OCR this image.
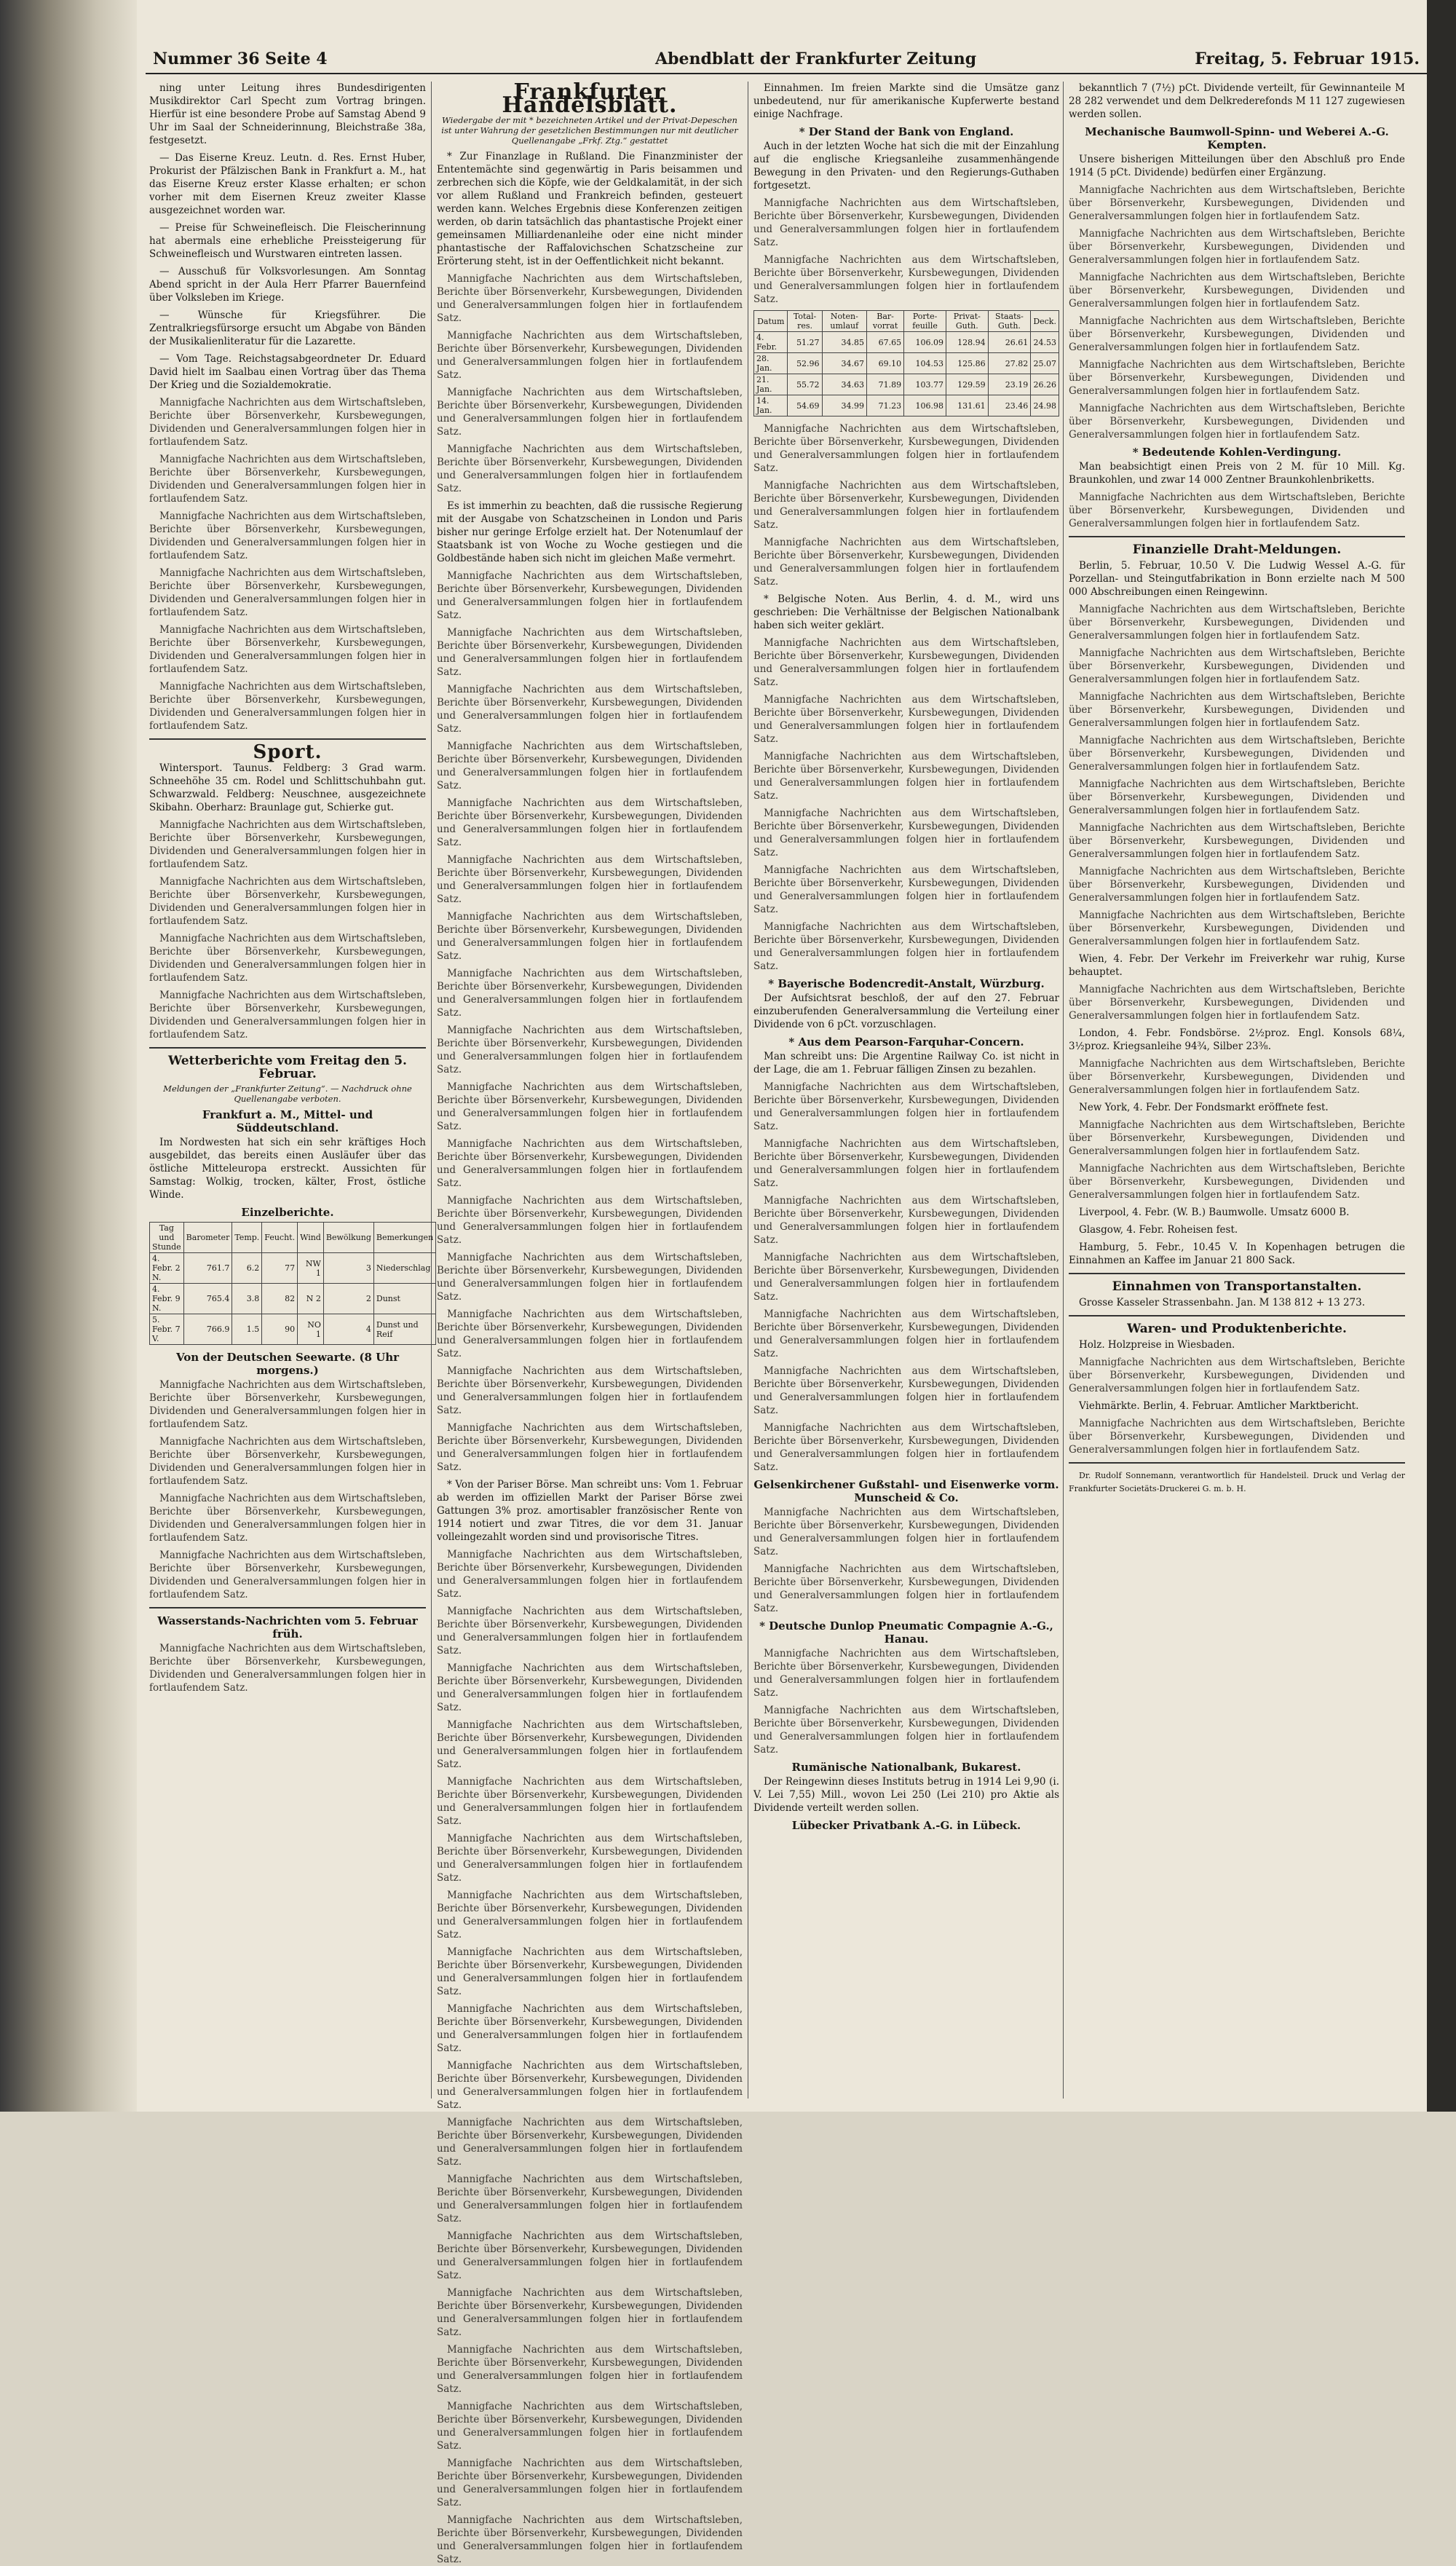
Nummer 36 Seite 4	Abendblatt der Frankfurter Zeitung	Freitag, 5. Februar 1915.

ning unter Leitung ihres Bundesdirigenten Musikdirektor Carl Specht zum Vortrag bringen. Hierfür ist eine besondere Probe auf Samstag Abend 9 Uhr im Saal der Schneiderinnung, Bleichstraße 38a, festgesetzt.

— Das Eiserne Kreuz. Leutn. d. Res. Ernst Huber, Prokurist der Pfälzischen Bank in Frankfurt a. M., hat das Eiserne Kreuz erster Klasse erhalten; er schon vorher mit dem Eisernen Kreuz zweiter Klasse ausgezeichnet worden war.

— Preise für Schweinefleisch. Die Fleischerinnung hat abermals eine erhebliche Preissteigerung für Schweinefleisch und Wurstwaren eintreten lassen.

— Ausschuß für Volksvorlesungen. Am Sonntag Abend spricht in der Aula Herr Pfarrer Bauernfeind über Volksleben im Kriege.

— Wünsche für Kriegsführer. Die Zentralkriegsfürsorge ersucht um Abgabe von Bänden der Musikalienliteratur für die Lazarette.

— Vom Tage. Reichstagsabgeordneter Dr. Eduard David hielt im Saalbau einen Vortrag über das Thema Der Krieg und die Sozialdemokratie.

Mannigfache Nachrichten aus dem Wirtschaftsleben, Berichte über Börsenverkehr, Kursbewegungen, Dividenden und Generalversammlungen folgen hier in fortlaufendem Satz.

Mannigfache Nachrichten aus dem Wirtschaftsleben, Berichte über Börsenverkehr, Kursbewegungen, Dividenden und Generalversammlungen folgen hier in fortlaufendem Satz.

Mannigfache Nachrichten aus dem Wirtschaftsleben, Berichte über Börsenverkehr, Kursbewegungen, Dividenden und Generalversammlungen folgen hier in fortlaufendem Satz.

Mannigfache Nachrichten aus dem Wirtschaftsleben, Berichte über Börsenverkehr, Kursbewegungen, Dividenden und Generalversammlungen folgen hier in fortlaufendem Satz.

Mannigfache Nachrichten aus dem Wirtschaftsleben, Berichte über Börsenverkehr, Kursbewegungen, Dividenden und Generalversammlungen folgen hier in fortlaufendem Satz.

Mannigfache Nachrichten aus dem Wirtschaftsleben, Berichte über Börsenverkehr, Kursbewegungen, Dividenden und Generalversammlungen folgen hier in fortlaufendem Satz.

Sport.

Wintersport. Taunus. Feldberg: 3 Grad warm. Schneehöhe 35 cm. Rodel und Schlittschuhbahn gut. Schwarzwald. Feldberg: Neuschnee, ausgezeichnete Skibahn. Oberharz: Braunlage gut, Schierke gut.

Mannigfache Nachrichten aus dem Wirtschaftsleben, Berichte über Börsenverkehr, Kursbewegungen, Dividenden und Generalversammlungen folgen hier in fortlaufendem Satz.

Mannigfache Nachrichten aus dem Wirtschaftsleben, Berichte über Börsenverkehr, Kursbewegungen, Dividenden und Generalversammlungen folgen hier in fortlaufendem Satz.

Mannigfache Nachrichten aus dem Wirtschaftsleben, Berichte über Börsenverkehr, Kursbewegungen, Dividenden und Generalversammlungen folgen hier in fortlaufendem Satz.

Mannigfache Nachrichten aus dem Wirtschaftsleben, Berichte über Börsenverkehr, Kursbewegungen, Dividenden und Generalversammlungen folgen hier in fortlaufendem Satz.

Wetterberichte vom Freitag den 5. Februar.
Meldungen der „Frankfurter Zeitung“. — Nachdruck ohne Quellenangabe verboten.
Frankfurt a. M., Mittel- und Süddeutschland.

Im Nordwesten hat sich ein sehr kräftiges Hoch ausgebildet, das bereits einen Ausläufer über das östliche Mitteleuropa erstreckt. Aussichten für Samstag: Wolkig, trocken, kälter, Frost, östliche Winde.

Einzelberichte.
Tag und Stunde	Barometer	Temp.	Feucht.	Wind	Bewölkung	Bemerkungen
4. Febr. 2 N.	761.7	6.2	77	NW 1	3	Niederschlag
4. Febr. 9 N.	765.4	3.8	82	N 2	2	Dunst
5. Febr. 7 V.	766.9	1.5	90	NO 1	4	Dunst und Reif
Von der Deutschen Seewarte. (8 Uhr morgens.)

Mannigfache Nachrichten aus dem Wirtschaftsleben, Berichte über Börsenverkehr, Kursbewegungen, Dividenden und Generalversammlungen folgen hier in fortlaufendem Satz.

Mannigfache Nachrichten aus dem Wirtschaftsleben, Berichte über Börsenverkehr, Kursbewegungen, Dividenden und Generalversammlungen folgen hier in fortlaufendem Satz.

Mannigfache Nachrichten aus dem Wirtschaftsleben, Berichte über Börsenverkehr, Kursbewegungen, Dividenden und Generalversammlungen folgen hier in fortlaufendem Satz.

Mannigfache Nachrichten aus dem Wirtschaftsleben, Berichte über Börsenverkehr, Kursbewegungen, Dividenden und Generalversammlungen folgen hier in fortlaufendem Satz.

Wasserstands-Nachrichten vom 5. Februar früh.

Mannigfache Nachrichten aus dem Wirtschaftsleben, Berichte über Börsenverkehr, Kursbewegungen, Dividenden und Generalversammlungen folgen hier in fortlaufendem Satz.

Frankfurter Handelsblatt.
Wiedergabe der mit * bezeichneten Artikel und der Privat-Depeschen ist unter Wahrung der gesetzlichen Bestimmungen nur mit deutlicher Quellenangabe „Frkf. Ztg.“ gestattet

* Zur Finanzlage in Rußland. Die Finanzminister der Ententemächte sind gegenwärtig in Paris beisammen und zerbrechen sich die Köpfe, wie der Geldkalamität, in der sich vor allem Rußland und Frankreich befinden, gesteuert werden kann. Welches Ergebnis diese Konferenzen zeitigen werden, ob darin tatsächlich das phantastische Projekt einer gemeinsamen Milliardenanleihe oder eine nicht minder phantastische der Raffalovichschen Schatzscheine zur Erörterung steht, ist in der Oeffentlichkeit nicht bekannt.

Mannigfache Nachrichten aus dem Wirtschaftsleben, Berichte über Börsenverkehr, Kursbewegungen, Dividenden und Generalversammlungen folgen hier in fortlaufendem Satz.

Mannigfache Nachrichten aus dem Wirtschaftsleben, Berichte über Börsenverkehr, Kursbewegungen, Dividenden und Generalversammlungen folgen hier in fortlaufendem Satz.

Mannigfache Nachrichten aus dem Wirtschaftsleben, Berichte über Börsenverkehr, Kursbewegungen, Dividenden und Generalversammlungen folgen hier in fortlaufendem Satz.

Mannigfache Nachrichten aus dem Wirtschaftsleben, Berichte über Börsenverkehr, Kursbewegungen, Dividenden und Generalversammlungen folgen hier in fortlaufendem Satz.

Es ist immerhin zu beachten, daß die russische Regierung mit der Ausgabe von Schatzscheinen in London und Paris bisher nur geringe Erfolge erzielt hat. Der Notenumlauf der Staatsbank ist von Woche zu Woche gestiegen und die Goldbestände haben sich nicht im gleichen Maße vermehrt.

Mannigfache Nachrichten aus dem Wirtschaftsleben, Berichte über Börsenverkehr, Kursbewegungen, Dividenden und Generalversammlungen folgen hier in fortlaufendem Satz.

Mannigfache Nachrichten aus dem Wirtschaftsleben, Berichte über Börsenverkehr, Kursbewegungen, Dividenden und Generalversammlungen folgen hier in fortlaufendem Satz.

Mannigfache Nachrichten aus dem Wirtschaftsleben, Berichte über Börsenverkehr, Kursbewegungen, Dividenden und Generalversammlungen folgen hier in fortlaufendem Satz.

Mannigfache Nachrichten aus dem Wirtschaftsleben, Berichte über Börsenverkehr, Kursbewegungen, Dividenden und Generalversammlungen folgen hier in fortlaufendem Satz.

Mannigfache Nachrichten aus dem Wirtschaftsleben, Berichte über Börsenverkehr, Kursbewegungen, Dividenden und Generalversammlungen folgen hier in fortlaufendem Satz.

Mannigfache Nachrichten aus dem Wirtschaftsleben, Berichte über Börsenverkehr, Kursbewegungen, Dividenden und Generalversammlungen folgen hier in fortlaufendem Satz.

Mannigfache Nachrichten aus dem Wirtschaftsleben, Berichte über Börsenverkehr, Kursbewegungen, Dividenden und Generalversammlungen folgen hier in fortlaufendem Satz.

Mannigfache Nachrichten aus dem Wirtschaftsleben, Berichte über Börsenverkehr, Kursbewegungen, Dividenden und Generalversammlungen folgen hier in fortlaufendem Satz.

Mannigfache Nachrichten aus dem Wirtschaftsleben, Berichte über Börsenverkehr, Kursbewegungen, Dividenden und Generalversammlungen folgen hier in fortlaufendem Satz.

Mannigfache Nachrichten aus dem Wirtschaftsleben, Berichte über Börsenverkehr, Kursbewegungen, Dividenden und Generalversammlungen folgen hier in fortlaufendem Satz.

Mannigfache Nachrichten aus dem Wirtschaftsleben, Berichte über Börsenverkehr, Kursbewegungen, Dividenden und Generalversammlungen folgen hier in fortlaufendem Satz.

Mannigfache Nachrichten aus dem Wirtschaftsleben, Berichte über Börsenverkehr, Kursbewegungen, Dividenden und Generalversammlungen folgen hier in fortlaufendem Satz.

Mannigfache Nachrichten aus dem Wirtschaftsleben, Berichte über Börsenverkehr, Kursbewegungen, Dividenden und Generalversammlungen folgen hier in fortlaufendem Satz.

Mannigfache Nachrichten aus dem Wirtschaftsleben, Berichte über Börsenverkehr, Kursbewegungen, Dividenden und Generalversammlungen folgen hier in fortlaufendem Satz.

Mannigfache Nachrichten aus dem Wirtschaftsleben, Berichte über Börsenverkehr, Kursbewegungen, Dividenden und Generalversammlungen folgen hier in fortlaufendem Satz.

Mannigfache Nachrichten aus dem Wirtschaftsleben, Berichte über Börsenverkehr, Kursbewegungen, Dividenden und Generalversammlungen folgen hier in fortlaufendem Satz.

* Von der Pariser Börse. Man schreibt uns: Vom 1. Februar ab werden im offiziellen Markt der Pariser Börse zwei Gattungen 3% proz. amortisabler französischer Rente von 1914 notiert und zwar Titres, die vor dem 31. Januar volleingezahlt worden sind und provisorische Titres.

Mannigfache Nachrichten aus dem Wirtschaftsleben, Berichte über Börsenverkehr, Kursbewegungen, Dividenden und Generalversammlungen folgen hier in fortlaufendem Satz.

Mannigfache Nachrichten aus dem Wirtschaftsleben, Berichte über Börsenverkehr, Kursbewegungen, Dividenden und Generalversammlungen folgen hier in fortlaufendem Satz.

Mannigfache Nachrichten aus dem Wirtschaftsleben, Berichte über Börsenverkehr, Kursbewegungen, Dividenden und Generalversammlungen folgen hier in fortlaufendem Satz.

Mannigfache Nachrichten aus dem Wirtschaftsleben, Berichte über Börsenverkehr, Kursbewegungen, Dividenden und Generalversammlungen folgen hier in fortlaufendem Satz.

Mannigfache Nachrichten aus dem Wirtschaftsleben, Berichte über Börsenverkehr, Kursbewegungen, Dividenden und Generalversammlungen folgen hier in fortlaufendem Satz.

Mannigfache Nachrichten aus dem Wirtschaftsleben, Berichte über Börsenverkehr, Kursbewegungen, Dividenden und Generalversammlungen folgen hier in fortlaufendem Satz.

Mannigfache Nachrichten aus dem Wirtschaftsleben, Berichte über Börsenverkehr, Kursbewegungen, Dividenden und Generalversammlungen folgen hier in fortlaufendem Satz.

Mannigfache Nachrichten aus dem Wirtschaftsleben, Berichte über Börsenverkehr, Kursbewegungen, Dividenden und Generalversammlungen folgen hier in fortlaufendem Satz.

Mannigfache Nachrichten aus dem Wirtschaftsleben, Berichte über Börsenverkehr, Kursbewegungen, Dividenden und Generalversammlungen folgen hier in fortlaufendem Satz.

Mannigfache Nachrichten aus dem Wirtschaftsleben, Berichte über Börsenverkehr, Kursbewegungen, Dividenden und Generalversammlungen folgen hier in fortlaufendem Satz.

Mannigfache Nachrichten aus dem Wirtschaftsleben, Berichte über Börsenverkehr, Kursbewegungen, Dividenden und Generalversammlungen folgen hier in fortlaufendem Satz.

Mannigfache Nachrichten aus dem Wirtschaftsleben, Berichte über Börsenverkehr, Kursbewegungen, Dividenden und Generalversammlungen folgen hier in fortlaufendem Satz.

Mannigfache Nachrichten aus dem Wirtschaftsleben, Berichte über Börsenverkehr, Kursbewegungen, Dividenden und Generalversammlungen folgen hier in fortlaufendem Satz.

Mannigfache Nachrichten aus dem Wirtschaftsleben, Berichte über Börsenverkehr, Kursbewegungen, Dividenden und Generalversammlungen folgen hier in fortlaufendem Satz.

Mannigfache Nachrichten aus dem Wirtschaftsleben, Berichte über Börsenverkehr, Kursbewegungen, Dividenden und Generalversammlungen folgen hier in fortlaufendem Satz.

Mannigfache Nachrichten aus dem Wirtschaftsleben, Berichte über Börsenverkehr, Kursbewegungen, Dividenden und Generalversammlungen folgen hier in fortlaufendem Satz.

Mannigfache Nachrichten aus dem Wirtschaftsleben, Berichte über Börsenverkehr, Kursbewegungen, Dividenden und Generalversammlungen folgen hier in fortlaufendem Satz.

Mannigfache Nachrichten aus dem Wirtschaftsleben, Berichte über Börsenverkehr, Kursbewegungen, Dividenden und Generalversammlungen folgen hier in fortlaufendem Satz.

Einnahmen. Im freien Markte sind die Umsätze ganz unbedeutend, nur für amerikanische Kupferwerte bestand einige Nachfrage.

* Der Stand der Bank von England.

Auch in der letzten Woche hat sich die mit der Einzahlung auf die englische Kriegsanleihe zusammenhängende Bewegung in den Privaten- und den Regierungs-Guthaben fortgesetzt.

Mannigfache Nachrichten aus dem Wirtschaftsleben, Berichte über Börsenverkehr, Kursbewegungen, Dividenden und Generalversammlungen folgen hier in fortlaufendem Satz.

Mannigfache Nachrichten aus dem Wirtschaftsleben, Berichte über Börsenverkehr, Kursbewegungen, Dividenden und Generalversammlungen folgen hier in fortlaufendem Satz.

Datum	Total-res.	Noten-umlauf	Bar-vorrat	Porte-feuille	Privat-Guth.	Staats-Guth.	Deck.
4. Febr.	51.27	34.85	67.65	106.09	128.94	26.61	24.53
28. Jan.	52.96	34.67	69.10	104.53	125.86	27.82	25.07
21. Jan.	55.72	34.63	71.89	103.77	129.59	23.19	26.26
14. Jan.	54.69	34.99	71.23	106.98	131.61	23.46	24.98

Mannigfache Nachrichten aus dem Wirtschaftsleben, Berichte über Börsenverkehr, Kursbewegungen, Dividenden und Generalversammlungen folgen hier in fortlaufendem Satz.

Mannigfache Nachrichten aus dem Wirtschaftsleben, Berichte über Börsenverkehr, Kursbewegungen, Dividenden und Generalversammlungen folgen hier in fortlaufendem Satz.

Mannigfache Nachrichten aus dem Wirtschaftsleben, Berichte über Börsenverkehr, Kursbewegungen, Dividenden und Generalversammlungen folgen hier in fortlaufendem Satz.

* Belgische Noten. Aus Berlin, 4. d. M., wird uns geschrieben: Die Verhältnisse der Belgischen Nationalbank haben sich weiter geklärt.

Mannigfache Nachrichten aus dem Wirtschaftsleben, Berichte über Börsenverkehr, Kursbewegungen, Dividenden und Generalversammlungen folgen hier in fortlaufendem Satz.

Mannigfache Nachrichten aus dem Wirtschaftsleben, Berichte über Börsenverkehr, Kursbewegungen, Dividenden und Generalversammlungen folgen hier in fortlaufendem Satz.

Mannigfache Nachrichten aus dem Wirtschaftsleben, Berichte über Börsenverkehr, Kursbewegungen, Dividenden und Generalversammlungen folgen hier in fortlaufendem Satz.

Mannigfache Nachrichten aus dem Wirtschaftsleben, Berichte über Börsenverkehr, Kursbewegungen, Dividenden und Generalversammlungen folgen hier in fortlaufendem Satz.

Mannigfache Nachrichten aus dem Wirtschaftsleben, Berichte über Börsenverkehr, Kursbewegungen, Dividenden und Generalversammlungen folgen hier in fortlaufendem Satz.

Mannigfache Nachrichten aus dem Wirtschaftsleben, Berichte über Börsenverkehr, Kursbewegungen, Dividenden und Generalversammlungen folgen hier in fortlaufendem Satz.

* Bayerische Bodencredit-Anstalt, Würzburg.

Der Aufsichtsrat beschloß, der auf den 27. Februar einzuberufenden Generalversammlung die Verteilung einer Dividende von 6 pCt. vorzuschlagen.

* Aus dem Pearson-Farquhar-Concern.

Man schreibt uns: Die Argentine Railway Co. ist nicht in der Lage, die am 1. Februar fälligen Zinsen zu bezahlen.

Mannigfache Nachrichten aus dem Wirtschaftsleben, Berichte über Börsenverkehr, Kursbewegungen, Dividenden und Generalversammlungen folgen hier in fortlaufendem Satz.

Mannigfache Nachrichten aus dem Wirtschaftsleben, Berichte über Börsenverkehr, Kursbewegungen, Dividenden und Generalversammlungen folgen hier in fortlaufendem Satz.

Mannigfache Nachrichten aus dem Wirtschaftsleben, Berichte über Börsenverkehr, Kursbewegungen, Dividenden und Generalversammlungen folgen hier in fortlaufendem Satz.

Mannigfache Nachrichten aus dem Wirtschaftsleben, Berichte über Börsenverkehr, Kursbewegungen, Dividenden und Generalversammlungen folgen hier in fortlaufendem Satz.

Mannigfache Nachrichten aus dem Wirtschaftsleben, Berichte über Börsenverkehr, Kursbewegungen, Dividenden und Generalversammlungen folgen hier in fortlaufendem Satz.

Mannigfache Nachrichten aus dem Wirtschaftsleben, Berichte über Börsenverkehr, Kursbewegungen, Dividenden und Generalversammlungen folgen hier in fortlaufendem Satz.

Mannigfache Nachrichten aus dem Wirtschaftsleben, Berichte über Börsenverkehr, Kursbewegungen, Dividenden und Generalversammlungen folgen hier in fortlaufendem Satz.

Gelsenkirchener Gußstahl- und Eisenwerke vorm. Munscheid & Co.

Mannigfache Nachrichten aus dem Wirtschaftsleben, Berichte über Börsenverkehr, Kursbewegungen, Dividenden und Generalversammlungen folgen hier in fortlaufendem Satz.

Mannigfache Nachrichten aus dem Wirtschaftsleben, Berichte über Börsenverkehr, Kursbewegungen, Dividenden und Generalversammlungen folgen hier in fortlaufendem Satz.

* Deutsche Dunlop Pneumatic Compagnie A.-G., Hanau.

Mannigfache Nachrichten aus dem Wirtschaftsleben, Berichte über Börsenverkehr, Kursbewegungen, Dividenden und Generalversammlungen folgen hier in fortlaufendem Satz.

Mannigfache Nachrichten aus dem Wirtschaftsleben, Berichte über Börsenverkehr, Kursbewegungen, Dividenden und Generalversammlungen folgen hier in fortlaufendem Satz.

Rumänische Nationalbank, Bukarest.

Der Reingewinn dieses Instituts betrug in 1914 Lei 9,90 (i. V. Lei 7,55) Mill., wovon Lei 250 (Lei 210) pro Aktie als Dividende verteilt werden sollen.

Lübecker Privatbank A.-G. in Lübeck.

bekanntlich 7 (7½) pCt. Dividende verteilt, für Gewinnanteile M 28 282 verwendet und dem Delkrederefonds M 11 127 zugewiesen werden sollen.

Mechanische Baumwoll-Spinn- und Weberei A.-G. Kempten.

Unsere bisherigen Mitteilungen über den Abschluß pro Ende 1914 (5 pCt. Dividende) bedürfen einer Ergänzung.

Mannigfache Nachrichten aus dem Wirtschaftsleben, Berichte über Börsenverkehr, Kursbewegungen, Dividenden und Generalversammlungen folgen hier in fortlaufendem Satz.

Mannigfache Nachrichten aus dem Wirtschaftsleben, Berichte über Börsenverkehr, Kursbewegungen, Dividenden und Generalversammlungen folgen hier in fortlaufendem Satz.

Mannigfache Nachrichten aus dem Wirtschaftsleben, Berichte über Börsenverkehr, Kursbewegungen, Dividenden und Generalversammlungen folgen hier in fortlaufendem Satz.

Mannigfache Nachrichten aus dem Wirtschaftsleben, Berichte über Börsenverkehr, Kursbewegungen, Dividenden und Generalversammlungen folgen hier in fortlaufendem Satz.

Mannigfache Nachrichten aus dem Wirtschaftsleben, Berichte über Börsenverkehr, Kursbewegungen, Dividenden und Generalversammlungen folgen hier in fortlaufendem Satz.

Mannigfache Nachrichten aus dem Wirtschaftsleben, Berichte über Börsenverkehr, Kursbewegungen, Dividenden und Generalversammlungen folgen hier in fortlaufendem Satz.

* Bedeutende Kohlen-Verdingung.

Man beabsichtigt einen Preis von 2 M. für 10 Mill. Kg. Braunkohlen, und zwar 14 000 Zentner Braunkohlenbriketts.

Mannigfache Nachrichten aus dem Wirtschaftsleben, Berichte über Börsenverkehr, Kursbewegungen, Dividenden und Generalversammlungen folgen hier in fortlaufendem Satz.

Finanzielle Draht-Meldungen.

Berlin, 5. Februar, 10.50 V. Die Ludwig Wessel A.-G. für Porzellan- und Steingutfabrikation in Bonn erzielte nach M 500 000 Abschreibungen einen Reingewinn.

Mannigfache Nachrichten aus dem Wirtschaftsleben, Berichte über Börsenverkehr, Kursbewegungen, Dividenden und Generalversammlungen folgen hier in fortlaufendem Satz.

Mannigfache Nachrichten aus dem Wirtschaftsleben, Berichte über Börsenverkehr, Kursbewegungen, Dividenden und Generalversammlungen folgen hier in fortlaufendem Satz.

Mannigfache Nachrichten aus dem Wirtschaftsleben, Berichte über Börsenverkehr, Kursbewegungen, Dividenden und Generalversammlungen folgen hier in fortlaufendem Satz.

Mannigfache Nachrichten aus dem Wirtschaftsleben, Berichte über Börsenverkehr, Kursbewegungen, Dividenden und Generalversammlungen folgen hier in fortlaufendem Satz.

Mannigfache Nachrichten aus dem Wirtschaftsleben, Berichte über Börsenverkehr, Kursbewegungen, Dividenden und Generalversammlungen folgen hier in fortlaufendem Satz.

Mannigfache Nachrichten aus dem Wirtschaftsleben, Berichte über Börsenverkehr, Kursbewegungen, Dividenden und Generalversammlungen folgen hier in fortlaufendem Satz.

Mannigfache Nachrichten aus dem Wirtschaftsleben, Berichte über Börsenverkehr, Kursbewegungen, Dividenden und Generalversammlungen folgen hier in fortlaufendem Satz.

Mannigfache Nachrichten aus dem Wirtschaftsleben, Berichte über Börsenverkehr, Kursbewegungen, Dividenden und Generalversammlungen folgen hier in fortlaufendem Satz.

Wien, 4. Febr. Der Verkehr im Freiverkehr war ruhig, Kurse behauptet.

Mannigfache Nachrichten aus dem Wirtschaftsleben, Berichte über Börsenverkehr, Kursbewegungen, Dividenden und Generalversammlungen folgen hier in fortlaufendem Satz.

London, 4. Febr. Fondsbörse. 2½proz. Engl. Konsols 68¼, 3½proz. Kriegsanleihe 94¾, Silber 23⅜.

Mannigfache Nachrichten aus dem Wirtschaftsleben, Berichte über Börsenverkehr, Kursbewegungen, Dividenden und Generalversammlungen folgen hier in fortlaufendem Satz.

New York, 4. Febr. Der Fondsmarkt eröffnete fest.

Mannigfache Nachrichten aus dem Wirtschaftsleben, Berichte über Börsenverkehr, Kursbewegungen, Dividenden und Generalversammlungen folgen hier in fortlaufendem Satz.

Mannigfache Nachrichten aus dem Wirtschaftsleben, Berichte über Börsenverkehr, Kursbewegungen, Dividenden und Generalversammlungen folgen hier in fortlaufendem Satz.

Liverpool, 4. Febr. (W. B.) Baumwolle. Umsatz 6000 B.

Glasgow, 4. Febr. Roheisen fest.

Hamburg, 5. Febr., 10.45 V. In Kopenhagen betrugen die Einnahmen an Kaffee im Januar 21 800 Sack.

Einnahmen von Transportanstalten.

Grosse Kasseler Strassenbahn. Jan. M 138 812 + 13 273.

Waren- und Produktenberichte.

Holz. Holzpreise in Wiesbaden.

Mannigfache Nachrichten aus dem Wirtschaftsleben, Berichte über Börsenverkehr, Kursbewegungen, Dividenden und Generalversammlungen folgen hier in fortlaufendem Satz.

Viehmärkte. Berlin, 4. Februar. Amtlicher Marktbericht.

Mannigfache Nachrichten aus dem Wirtschaftsleben, Berichte über Börsenverkehr, Kursbewegungen, Dividenden und Generalversammlungen folgen hier in fortlaufendem Satz.

Dr. Rudolf Sonnemann, verantwortlich für Handelsteil. Druck und Verlag der Frankfurter Societäts-Druckerei G. m. b. H.
